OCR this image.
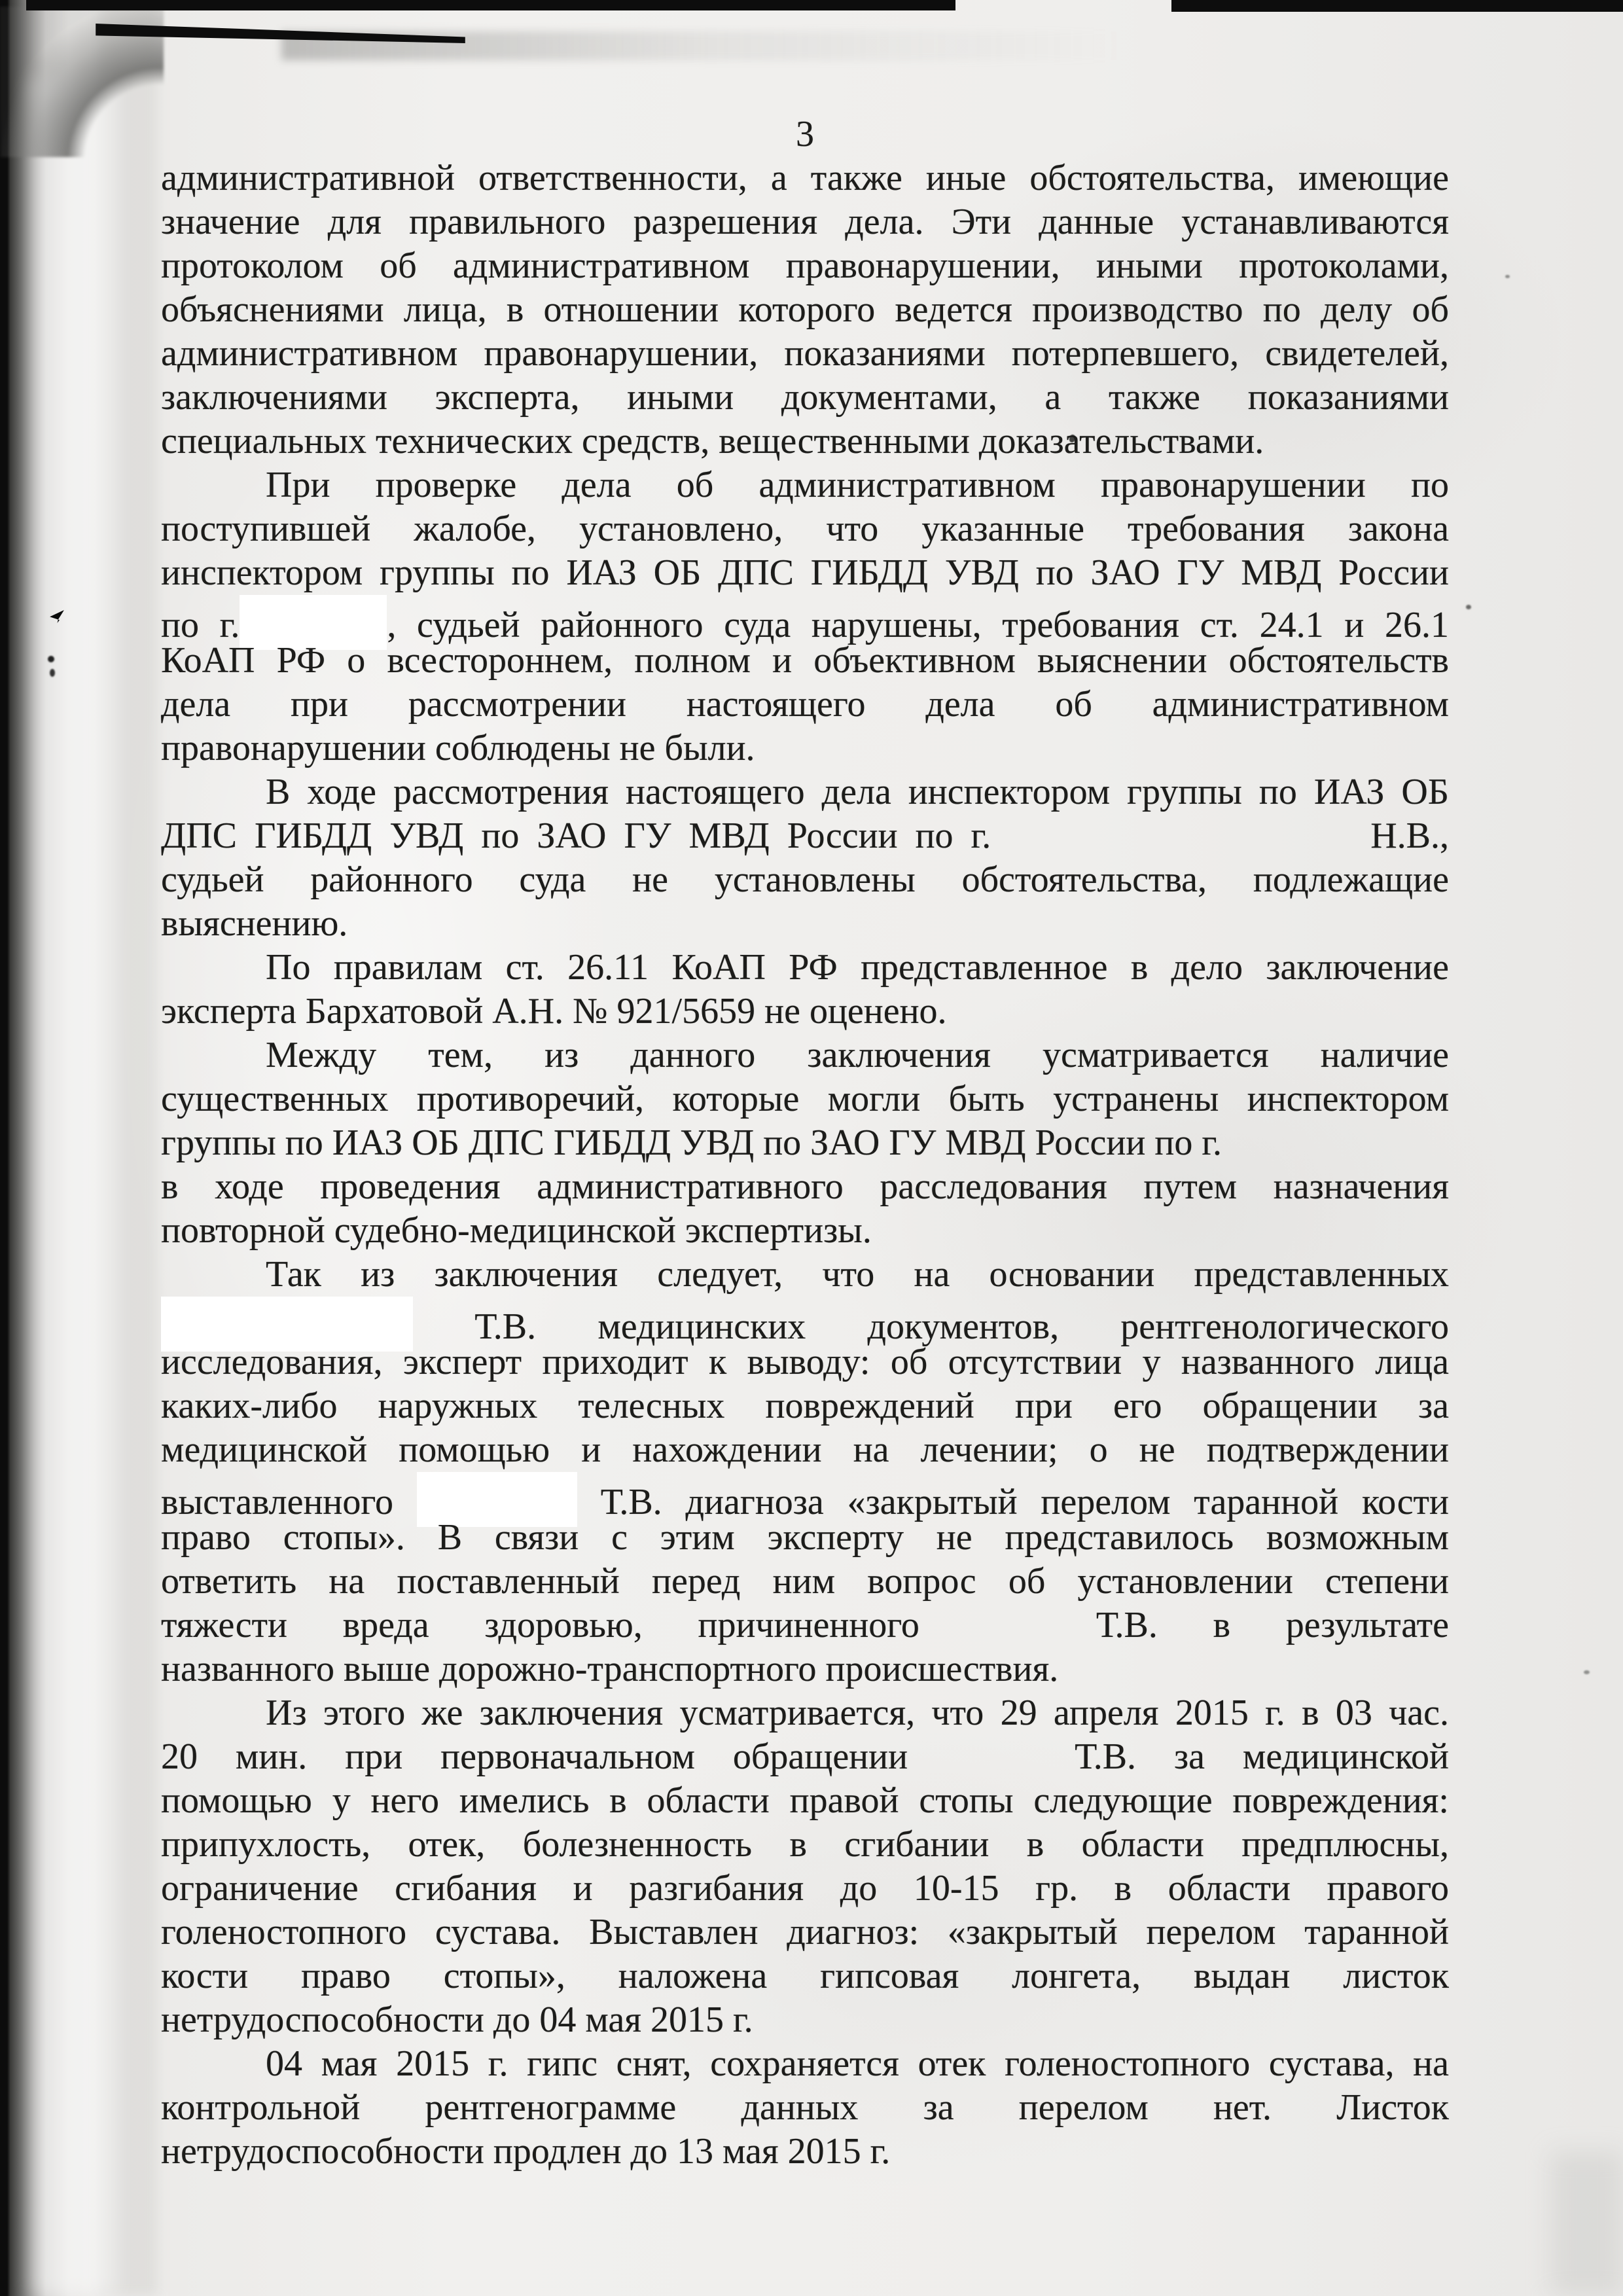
3
административной ответственности, а также иные обстоятельства, имеющие
значение для правильного разрешения дела. Эти данные устанавливаются
протоколом об административном правонарушении, иными протоколами,
объяснениями лица, в отношении которого ведется производство по делу об
административном правонарушении, показаниями потерпевшего, свидетелей,
заключениями эксперта, иными документами, а также показаниями
специальных технических средств, вещественными доказательствами.
При проверке дела об административном правонарушении по
поступившей жалобе, установлено, что указанные требования закона
инспектором группы по ИАЗ ОБ ДПС ГИБДД УВД по ЗАО ГУ МВД России
по г.	, судьей районного суда нарушены, требования ст. 24.1 и 26.1
КоАП РФ о всестороннем, полном и объективном выяснении обстоятельств
дела при рассмотрении настоящего дела об административном
правонарушении соблюдены не были.
В ходе рассмотрения настоящего дела инспектором группы по ИАЗ ОБ
ДПС ГИБДД УВД по ЗАО ГУ МВД России по г.	Н.В.,
судьей районного суда не установлены обстоятельства, подлежащие
выяснению.
По правилам ст. 26.11 КоАП РФ представленное в дело заключение
эксперта Бархатовой А.Н. № 921/5659 не оценено.
Между тем, из данного заключения усматривается наличие
существенных противоречий, которые могли быть устранены инспектором
группы по ИАЗ ОБ ДПС ГИБДД УВД по ЗАО ГУ МВД России по г.
в ходе проведения административного расследования путем назначения
повторной судебно-медицинской экспертизы.
Так из заключения следует, что на основании представленных
Т.В. медицинских документов, рентгенологического
исследования, эксперт приходит к выводу: об отсутствии у названного лица
каких-либо наружных телесных повреждений при его обращении за
медицинской помощью и нахождении на лечении; о не подтверждении
выставленного	Т.В. диагноза «закрытый перелом таранной кости
право стопы». В связи с этим эксперту не представилось возможным
ответить на поставленный перед ним вопрос об установлении степени
тяжести вреда здоровью, причиненного	Т.В. в результате
названного выше дорожно-транспортного происшествия.
Из этого же заключения усматривается, что 29 апреля 2015 г. в 03 час.
20 мин. при первоначальном обращении	Т.В. за медицинской
помощью у него имелись в области правой стопы следующие повреждения:
припухлость, отек, болезненность в сгибании в области предплюсны,
ограничение сгибания и разгибания до 10-15 гр. в области правого
голеностопного сустава. Выставлен диагноз: «закрытый перелом таранной
кости право стопы», наложена гипсовая лонгета, выдан листок
нетрудоспособности до 04 мая 2015 г.
04 мая 2015 г. гипс снят, сохраняется отек голеностопного сустава, на
контрольной рентгенограмме данных за перелом нет. Листок
нетрудоспособности продлен до 13 мая 2015 г.
